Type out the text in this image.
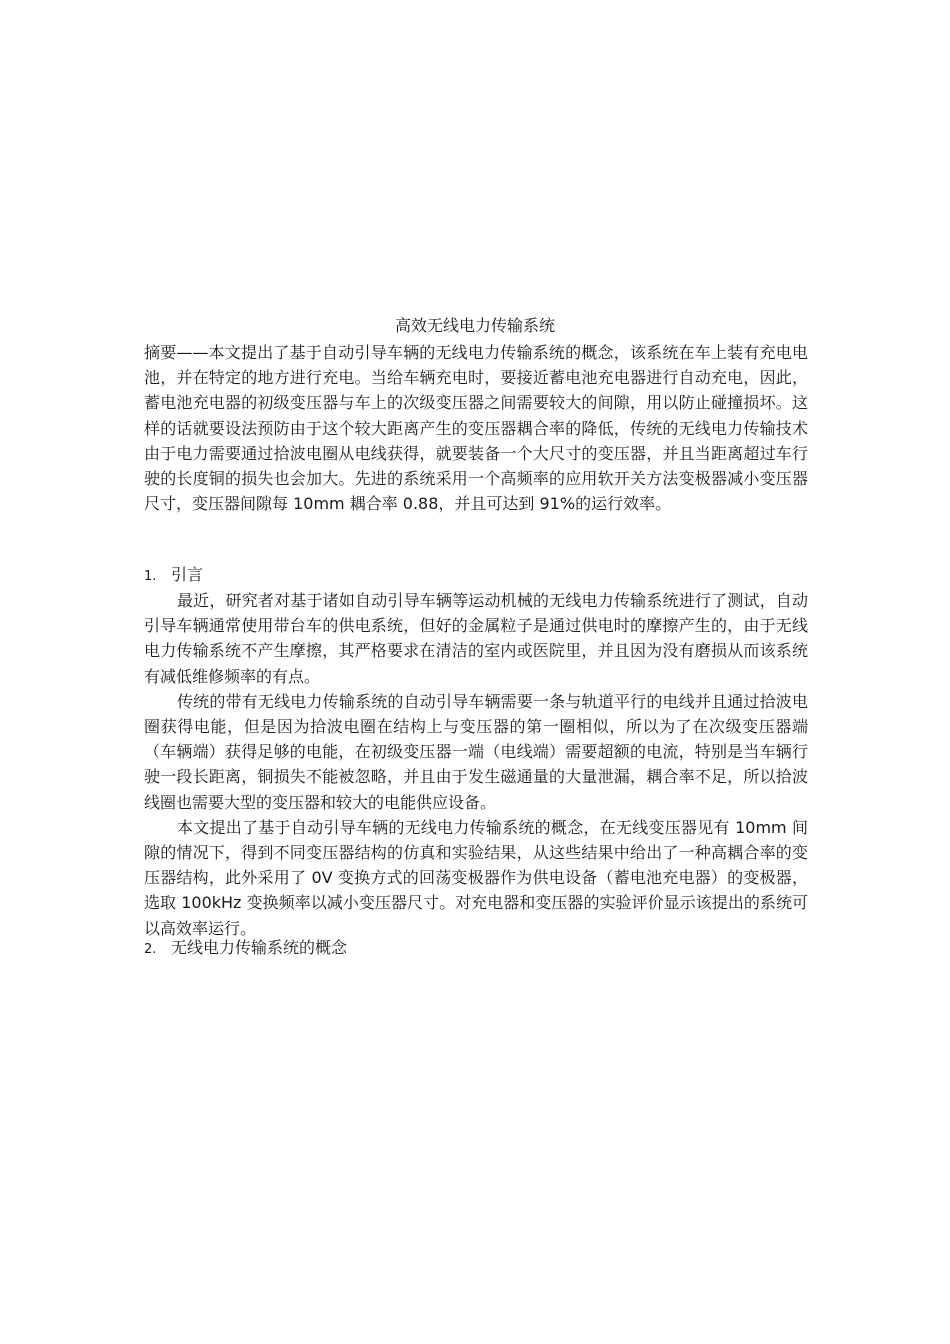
高效无线电力传输系统
摘要——本文提出了基于自动引导车辆的无线电力传输系统的概念，该系统在车上装有充电电池，并在特定的地方进行充电。当给车辆充电时，要接近蓄电池充电器进行自动充电，因此，蓄电池充电器的初级变压器与车上的次级变压器之间需要较大的间隙，用以防止碰撞损坏。这样的话就要设法预防由于这个较大距离产生的变压器耦合率的降低，传统的无线电力传输技术由于电力需要通过拾波电圈从电线获得，就要装备一个大尺寸的变压器，并且当距离超过车行驶的长度铜的损失也会加大。先进的系统采用一个高频率的应用软开关方法变极器减小变压器尺寸，变压器间隙每 10mm 耦合率 0.88，并且可达到 91%的运行效率。
1. 引言

最近，研究者对基于诸如自动引导车辆等运动机械的无线电力传输系统进行了测试，自动引导车辆通常使用带台车的供电系统，但好的金属粒子是通过供电时的摩擦产生的，由于无线电力传输系统不产生摩擦，其严格要求在清洁的室内或医院里，并且因为没有磨损从而该系统有减低维修频率的有点。

传统的带有无线电力传输系统的自动引导车辆需要一条与轨道平行的电线并且通过拾波电圈获得电能，但是因为拾波电圈在结构上与变压器的第一圈相似，所以为了在次级变压器端（车辆端）获得足够的电能，在初级变压器一端（电线端）需要超额的电流，特别是当车辆行驶一段长距离，铜损失不能被忽略，并且由于发生磁通量的大量泄漏，耦合率不足，所以拾波线圈也需要大型的变压器和较大的电能供应设备。

本文提出了基于自动引导车辆的无线电力传输系统的概念，在无线变压器见有 10mm 间隙的情况下，得到不同变压器结构的仿真和实验结果，从这些结果中给出了一种高耦合率的变压器结构，此外采用了 0V 变换方式的回荡变极器作为供电设备（蓄电池充电器）的变极器，选取 100kHz 变换频率以减小变压器尺寸。对充电器和变压器的实验评价显示该提出的系统可以高效率运行。

2. 无线电力传输系统的概念
